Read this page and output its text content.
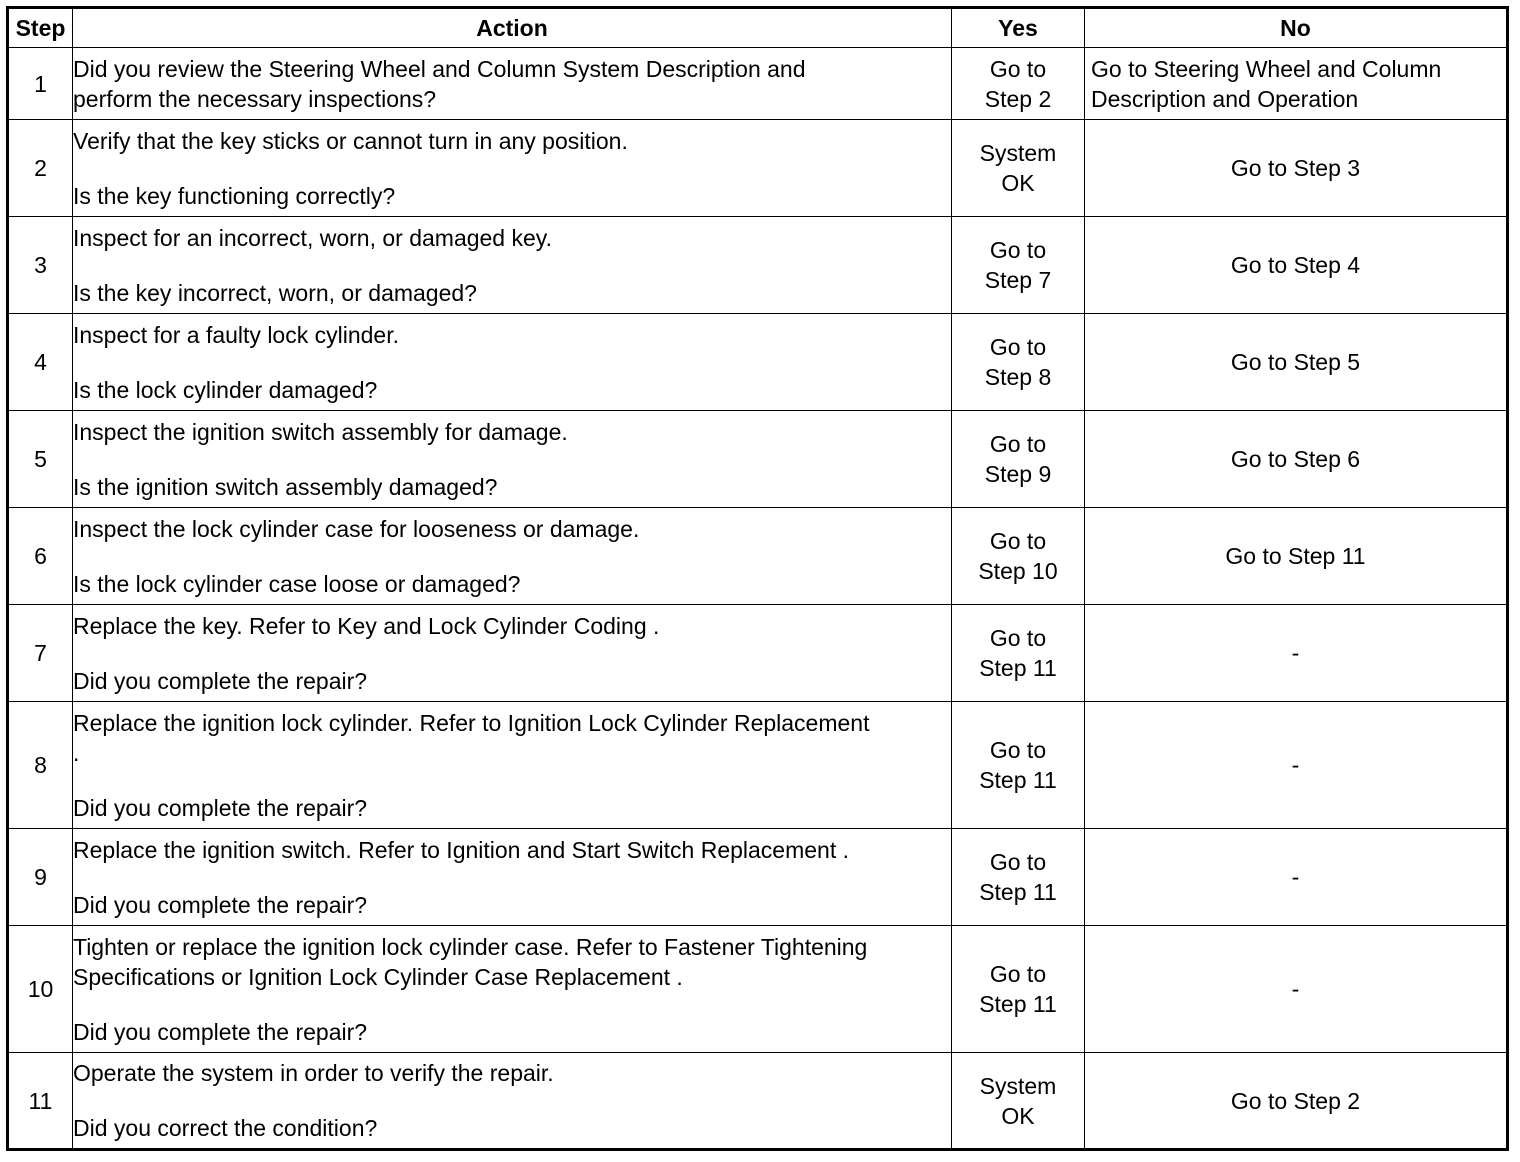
Step	Action	Yes	No
1	Did you review the Steering Wheel and Column System Description and
perform the necessary inspections?	Go to
Step 2	Go to Steering Wheel and Column
Description and Operation

2	Verify that the key sticks or cannot turn in any position.
Is the key functioning correctly?	System
OK	Go to Step 3

3	Inspect for an incorrect, worn, or damaged key.
Is the key incorrect, worn, or damaged?	Go to
Step 7	Go to Step 4

4	Inspect for a faulty lock cylinder.
Is the lock cylinder damaged?	Go to
Step 8	Go to Step 5

5	Inspect the ignition switch assembly for damage.
Is the ignition switch assembly damaged?	Go to
Step 9	Go to Step 6

6	Inspect the lock cylinder case for looseness or damage.
Is the lock cylinder case loose or damaged?	Go to
Step 10	Go to Step 11

7	Replace the key. Refer to Key and Lock Cylinder Coding .
Did you complete the repair?	Go to
Step 11	-

8	Replace the ignition lock cylinder. Refer to Ignition Lock Cylinder Replacement
.
Did you complete the repair?	Go to
Step 11	-

9	Replace the ignition switch. Refer to Ignition and Start Switch Replacement .
Did you complete the repair?	Go to
Step 11	-

10	Tighten or replace the ignition lock cylinder case. Refer to Fastener Tightening
Specifications or Ignition Lock Cylinder Case Replacement .
Did you complete the repair?	Go to
Step 11	-

11	Operate the system in order to verify the repair.
Did you correct the condition?	System
OK	Go to Step 2
